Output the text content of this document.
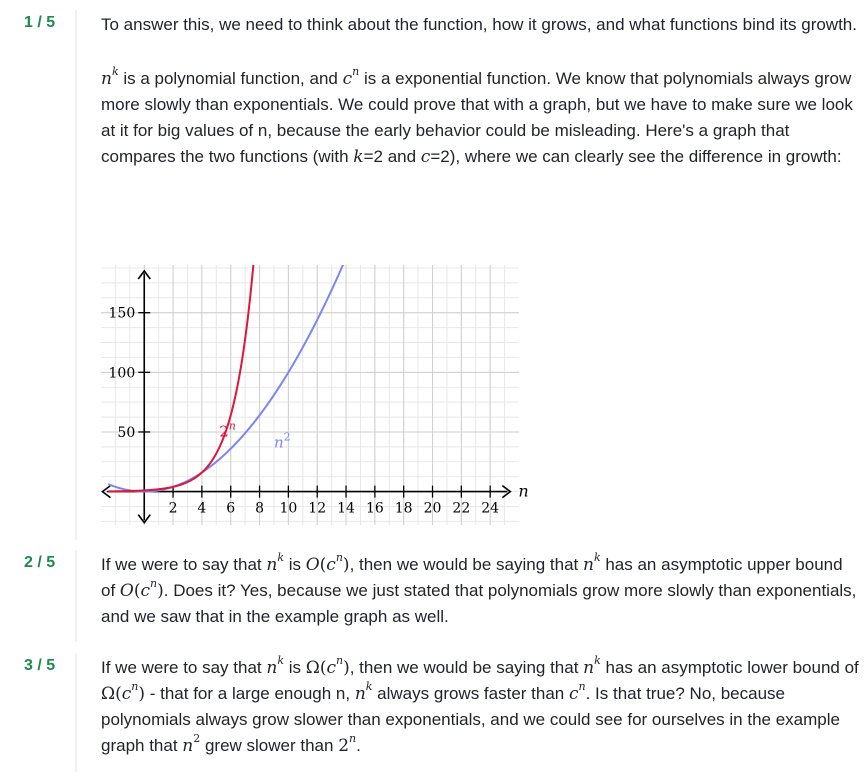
1 / 5	To answer this, we need to think about the function, how it grows, and what functions bind its growth.

$n^k$ is a polynomial function, and $c^n$ is a exponential function. We know that polynomials always grow more slowly than exponentials. We could prove that with a graph, but we have to make sure we look at it for big values of n, because the early behavior could be misleading. Here's a graph that compares the two functions (with k=2 and c=2), where we can clearly see the difference in growth:

2 4 6 8 10 12 14 16 18 20 22 24
50
100
150
n
2$^n$
$n^2$
2 / 5	If we were to say that $n^k$ is $O(c^n)$, then we would be saying that $n^k$ has an asymptotic upper bound of $O(c^n)$. Does it? Yes, because we just stated that polynomials grow more slowly than exponentials, and we saw that in the example graph as well.

3 / 5	If we were to say that $n^k$ is $\Omega(c^n)$, then we would be saying that $n^k$ has an asymptotic lower bound of $\Omega(c^n)$ - that for a large enough n, $n^k$ always grows faster than $c^n$. Is that true? No, because polynomials always grow slower than exponentials, and we could see for ourselves in the example graph that $n^2$ grew slower than 2$^n$.
